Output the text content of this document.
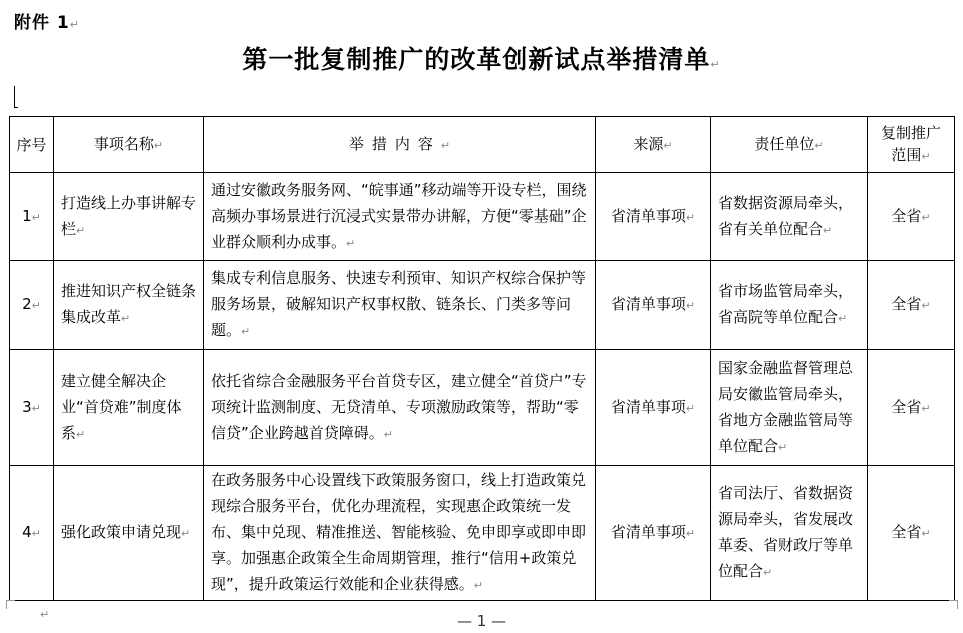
附件 1↵
第一批复制推广的改革创新试点举措清单↵
序号	事项名称↵	举措内容↵	来源↵	责任单位↵	复制推广范围↵
1↵	打造线上办事讲解专栏↵	通过安徽政务服务网、“皖事通”移动端等开设专栏，围绕高频办事场景进行沉浸式实景带办讲解，方便“零基础”企业群众顺利办成事。↵	省清单事项↵	省数据资源局牵头，省有关单位配合↵	全省↵
2↵	推进知识产权全链条集成改革↵	集成专利信息服务、快速专利预审、知识产权综合保护等服务场景，破解知识产权事权散、链条长、门类多等问题。↵	省清单事项↵	省市场监管局牵头，省高院等单位配合↵	全省↵
3↵	建立健全解决企业“首贷难”制度体系↵	依托省综合金融服务平台首贷专区，建立健全“首贷户”专项统计监测制度、无贷清单、专项激励政策等，帮助“零信贷”企业跨越首贷障碍。↵	省清单事项↵	国家金融监督管理总局安徽监管局牵头，省地方金融监管局等单位配合↵	全省↵
4↵	强化政策申请兑现↵	在政务服务中心设置线下政策服务窗口，线上打造政策兑现综合服务平台，优化办理流程，实现惠企政策统一发布、集中兑现、精准推送、智能核验、免申即享或即申即享。加强惠企政策全生命周期管理，推行“信用+政策兑现”，提升政策运行效能和企业获得感。↵	省清单事项↵	省司法厅、省数据资源局牵头，省发展改革委、省财政厅等单位配合↵	全省↵
↵	— 1 —
